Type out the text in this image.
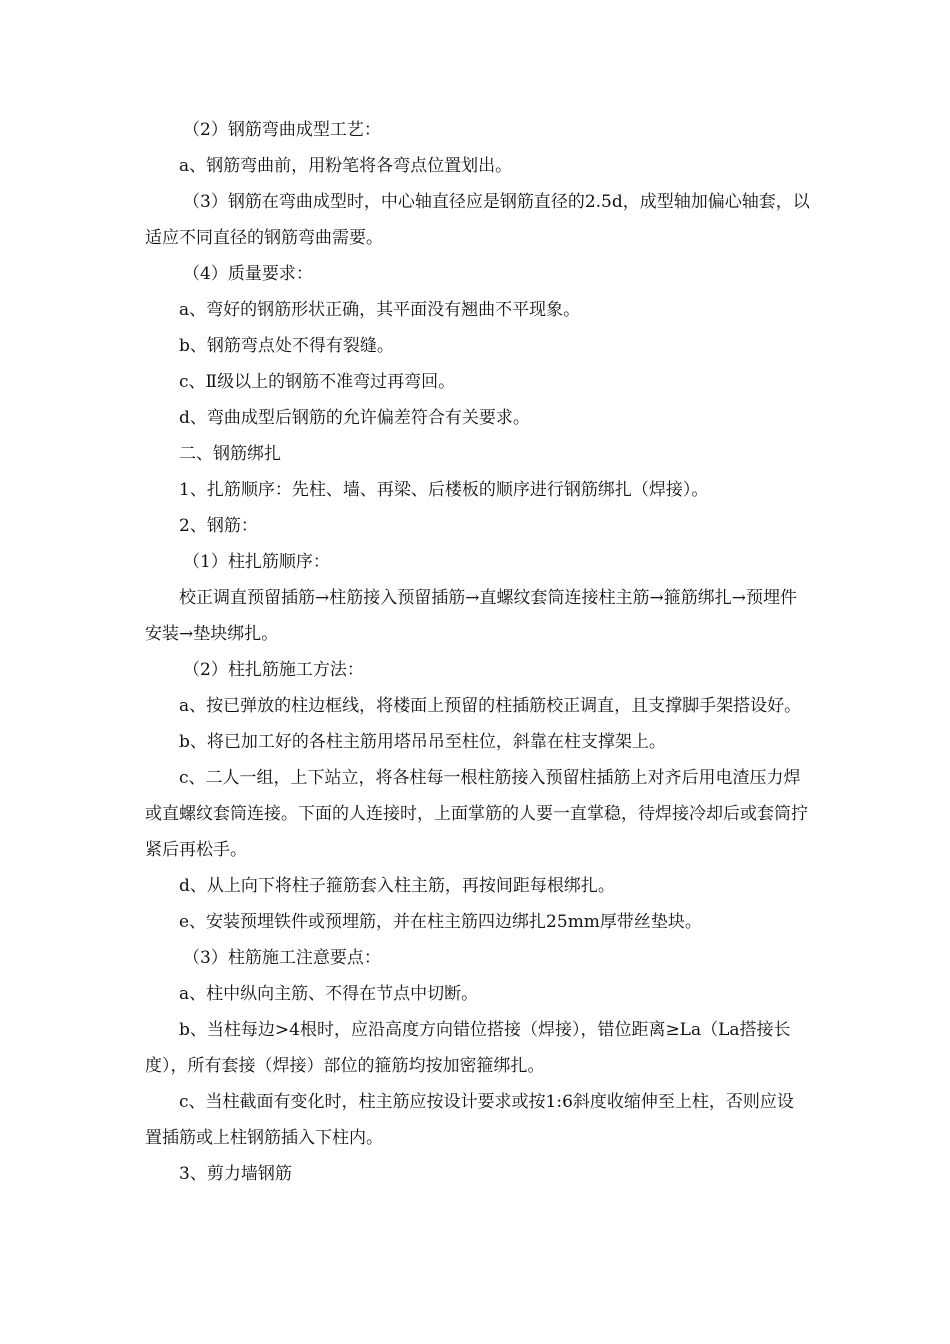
（2）钢筋弯曲成型工艺：

a、钢筋弯曲前，用粉笔将各弯点位置划出。

（3）钢筋在弯曲成型时，中心轴直径应是钢筋直径的2.5d，成型轴加偏心轴套，以适应不同直径的钢筋弯曲需要。

（4）质量要求：

a、弯好的钢筋形状正确，其平面没有翘曲不平现象。

b、钢筋弯点处不得有裂缝。

c、Ⅱ级以上的钢筋不准弯过再弯回。

d、弯曲成型后钢筋的允许偏差符合有关要求。

二、钢筋绑扎

1、扎筋顺序：先柱、墙、再梁、后楼板的顺序进行钢筋绑扎（焊接）。

2、钢筋：

（1）柱扎筋顺序：

校正调直预留插筋→柱筋接入预留插筋→直螺纹套筒连接柱主筋→箍筋绑扎→预埋件安装→垫块绑扎。

（2）柱扎筋施工方法：

a、按已弹放的柱边框线，将楼面上预留的柱插筋校正调直，且支撑脚手架搭设好。

b、将已加工好的各柱主筋用塔吊吊至柱位，斜靠在柱支撑架上。

c、二人一组，上下站立，将各柱每一根柱筋接入预留柱插筋上对齐后用电渣压力焊或直螺纹套筒连接。下面的人连接时，上面掌筋的人要一直掌稳，待焊接冷却后或套筒拧紧后再松手。

d、从上向下将柱子箍筋套入柱主筋，再按间距每根绑扎。

e、安装预埋铁件或预埋筋，并在柱主筋四边绑扎25mm厚带丝垫块。

（3）柱筋施工注意要点：

a、柱中纵向主筋、不得在节点中切断。

b、当柱每边>4根时，应沿高度方向错位搭接（焊接），错位距离≥La（La搭接长度），所有套接（焊接）部位的箍筋均按加密箍绑扎。

c、当柱截面有变化时，柱主筋应按设计要求或按1:6斜度收缩伸至上柱，否则应设置插筋或上柱钢筋插入下柱内。

3、剪力墙钢筋
